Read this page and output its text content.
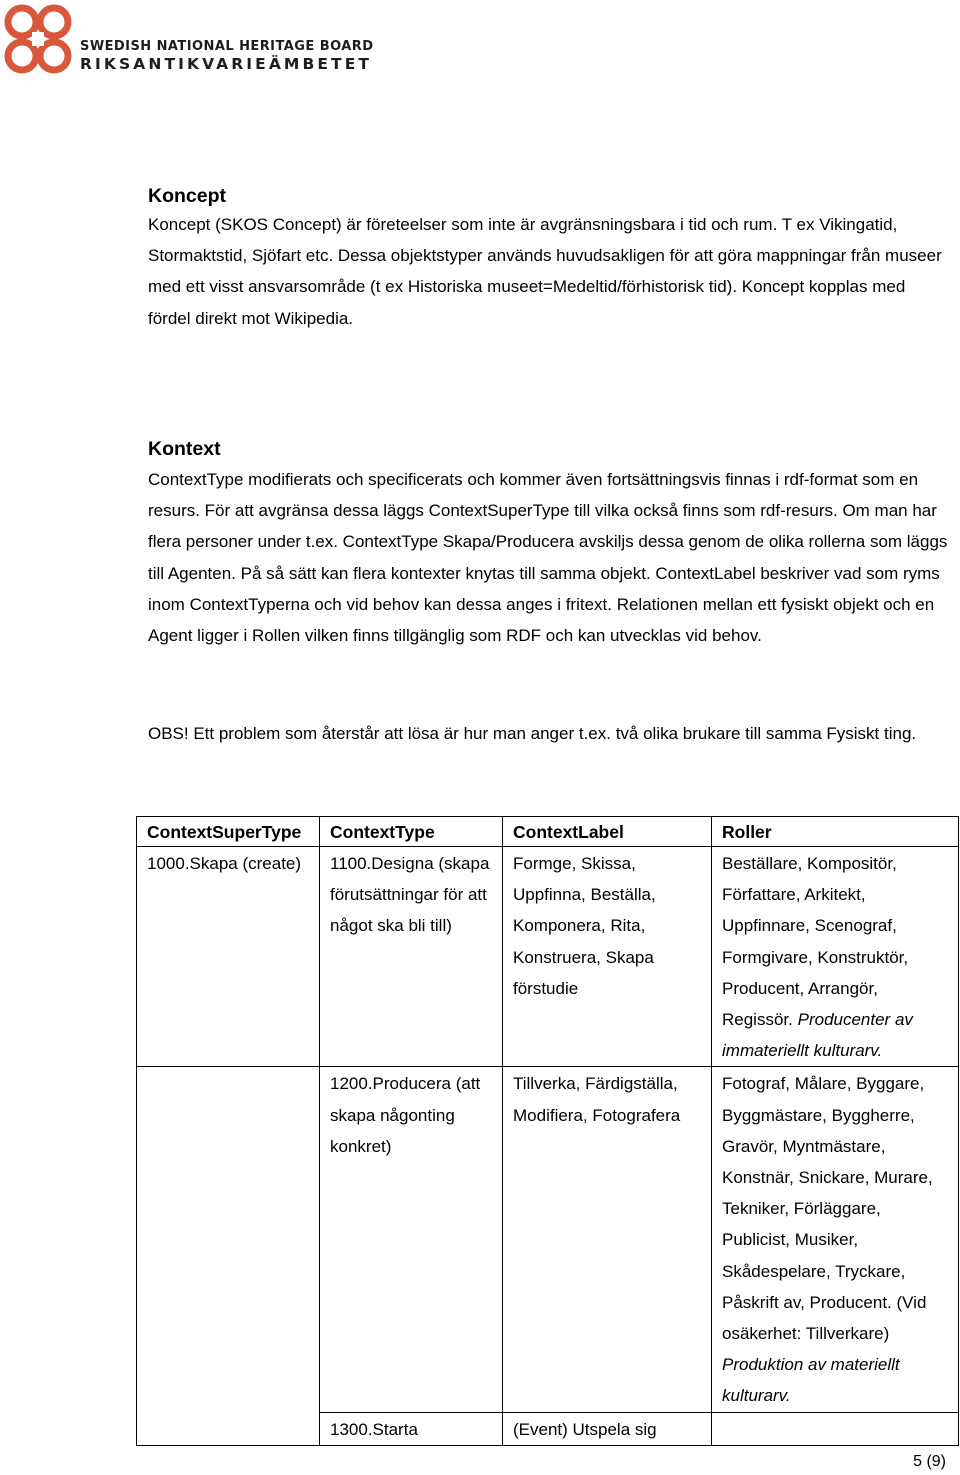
SWEDISH NATIONAL HERITAGE BOARD
RIKSANTIKVARIEÄMBETET
Koncept

Koncept (SKOS Concept) är företeelser som inte är avgränsningsbara i tid och rum. T ex Vikingatid, Stormaktstid, Sjöfart etc. Dessa objektstyper används huvudsakligen för att göra mappningar från museer med ett visst ansvarsområde (t ex Historiska museet=Medeltid/förhistorisk tid). Koncept kopplas med fördel direkt mot Wikipedia.

Kontext

ContextType modifierats och specificerats och kommer även fortsättningsvis finnas i rdf-format som en resurs. För att avgränsa dessa läggs ContextSuperType till vilka också finns som rdf-resurs. Om man har flera personer under t.ex. ContextType Skapa/Producera avskiljs dessa genom de olika rollerna som läggs till Agenten. På så sätt kan flera kontexter knytas till samma objekt. ContextLabel beskriver vad som ryms inom ContextTyperna och vid behov kan dessa anges i fritext. Relationen mellan ett fysiskt objekt och en Agent ligger i Rollen vilken finns tillgänglig som RDF och kan utvecklas vid behov.

OBS! Ett problem som återstår att lösa är hur man anger t.ex. två olika brukare till samma Fysiskt ting.

ContextSuperType	ContextType	ContextLabel	Roller
1000.Skapa (create)	1100.Designa (skapa förutsättningar för att något ska bli till)	Formge, Skissa, Uppfinna, Beställa, Komponera, Rita, Konstruera, Skapa förstudie	Beställare, Kompositör, Författare, Arkitekt, Uppfinnare, Scenograf, Formgivare, Konstruktör, Producent, Arrangör, Regissör. Producenter av immateriellt kulturarv.
	1200.Producera (att skapa någonting konkret)	Tillverka, Färdigställa, Modifiera, Fotografera	Fotograf, Målare, Byggare, Byggmästare, Byggherre, Gravör, Myntmästare, Konstnär, Snickare, Murare, Tekniker, Förläggare, Publicist, Musiker, Skådespelare, Tryckare, Påskrift av, Producent. (Vid osäkerhet: Tillverkare) Produktion av materiellt kulturarv.
	1300.Starta	(Event) Utspela sig	
5 (9)
